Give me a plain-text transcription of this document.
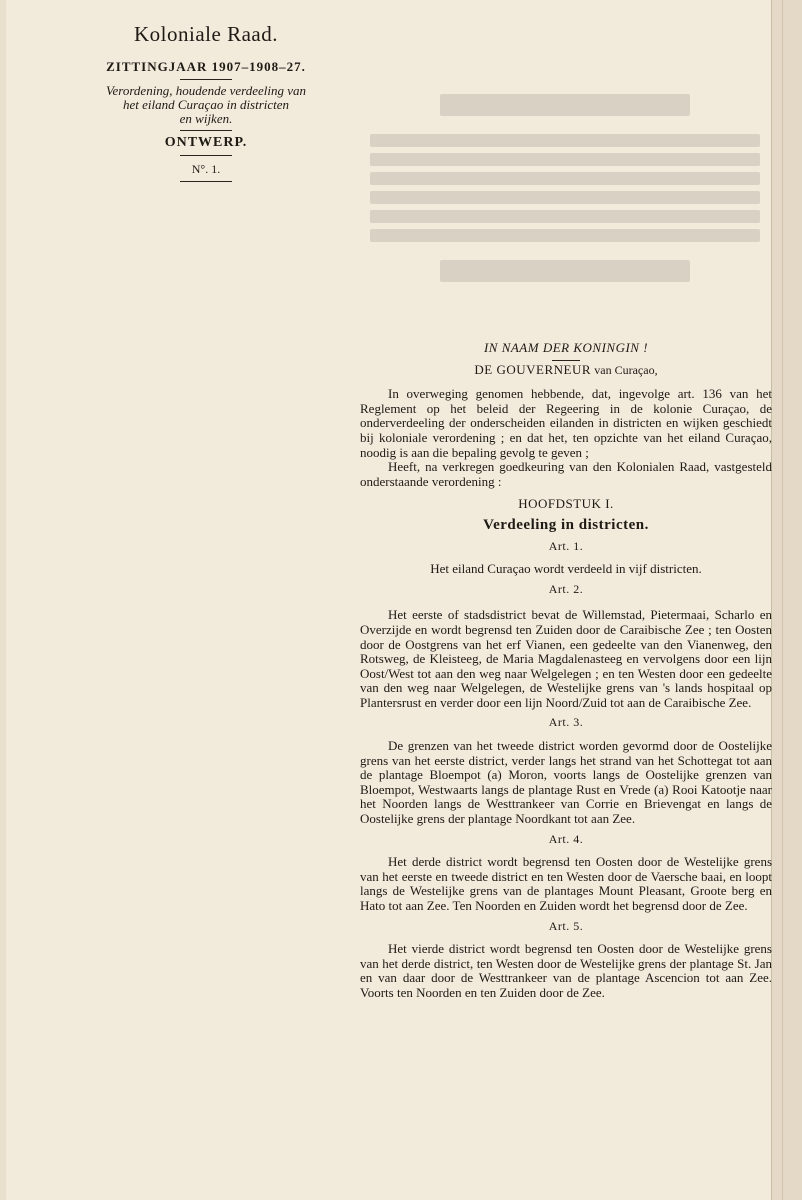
Koloniale Raad.

ZITTINGJAAR 1907–1908–27.

Verordening, houdende verdeeling van
het eiland Curaçao in districten
en wijken.

ONTWERP.

N°. 1.

IN NAAM DER KONINGIN !

DE GOUVERNEUR van Curaçao,

In overweging genomen hebbende, dat, ingevolge art. 136 van het Reglement op het beleid der Regeering in de kolonie Curaçao, de onderverdeeling der onderscheiden eilanden in districten en wijken geschiedt bij koloniale verordening ; en dat het, ten opzichte van het eiland Curaçao, noodig is aan die bepaling gevolg te geven ;

Heeft, na verkregen goedkeuring van den Kolonialen Raad, vastgesteld onderstaande verordening :

HOOFDSTUK I.

Verdeeling in districten.

Art. 1.

Het eiland Curaçao wordt verdeeld in vijf districten.

Art. 2.

Het eerste of stadsdistrict bevat de Willemstad, Pietermaai, Scharlo en Overzijde en wordt begrensd ten Zuiden door de Caraibische Zee ; ten Oosten door de Oostgrens van het erf Vianen, een gedeelte van den Vianenweg, den Rotsweg, de Kleisteeg, de Maria Magdalenasteeg en vervolgens door een lijn Oost/West tot aan den weg naar Welgelegen ; en ten Westen door een gedeelte van den weg naar Welgelegen, de Westelijke grens van 's lands hospitaal op Plantersrust en verder door een lijn Noord/Zuid tot aan de Caraibische Zee.

Art. 3.

De grenzen van het tweede district worden gevormd door de Oostelijke grens van het eerste district, verder langs het strand van het Schottegat tot aan de plantage Bloempot (a) Moron, voorts langs de Oostelijke grenzen van Bloempot, Westwaarts langs de plantage Rust en Vrede (a) Rooi Katootje naar het Noorden langs de Westtrankeer van Corrie en Brievengat en langs de Oostelijke grens der plantage Noordkant tot aan Zee.

Art. 4.

Het derde district wordt begrensd ten Oosten door de Westelijke grens van het eerste en tweede district en ten Westen door de Vaersche baai, en loopt langs de Westelijke grens van de plantages Mount Pleasant, Groote berg en Hato tot aan Zee. Ten Noorden en Zuiden wordt het begrensd door de Zee.

Art. 5.

Het vierde district wordt begrensd ten Oosten door de Westelijke grens van het derde district, ten Westen door de Westelijke grens der plantage St. Jan en van daar door de Westtrankeer van de plantage Ascencion tot aan Zee. Voorts ten Noorden en ten Zuiden door de Zee.
